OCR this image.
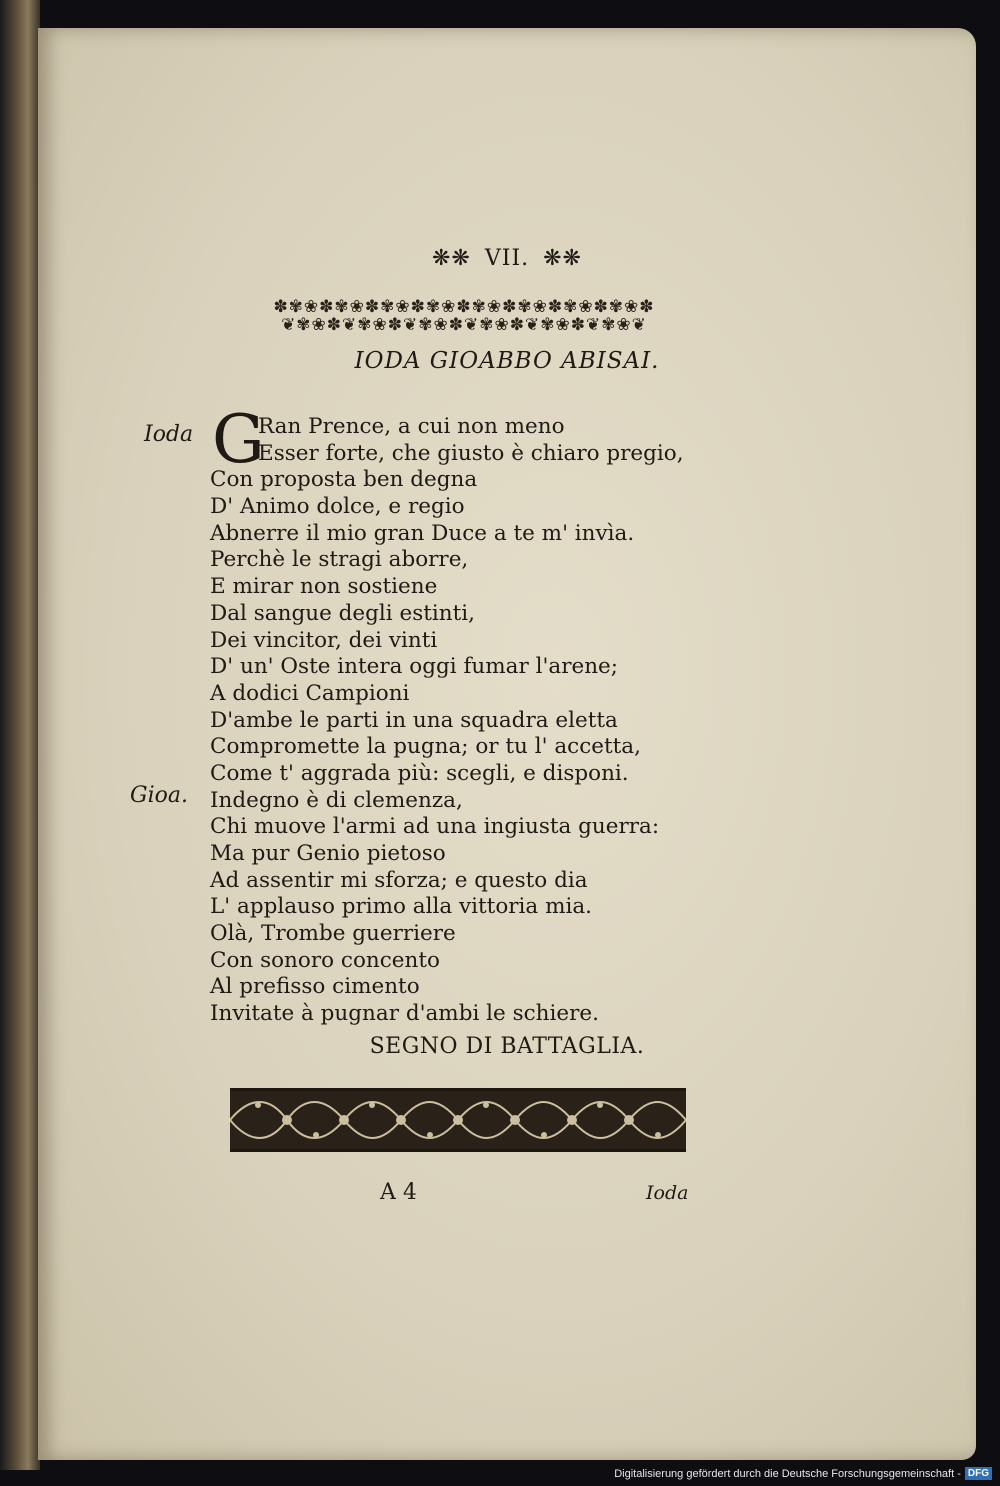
❋❋ VII. ❋❋
✽✾❀✽✾❀✽✾❀✽✾❀✽✾❀✽✾❀✽✾❀✽✾❀✽
❦✾❀✽❦✾❀✽❦✾❀✽❦✾❀✽❦✾❀✽❦✾❀❦
IODA GIOABBO ABISAI.
Ioda
Gioa.
G
Ran Prence, a cui non meno
Esser forte, che giusto è chiaro pregio,
Con proposta ben degna
D' Animo dolce, e regio
Abnerre il mio gran Duce a te m' invìa.
Perchè le stragi aborre,
E mirar non sostiene
Dal sangue degli estinti,
Dei vincitor, dei vinti
D' un' Oste intera oggi fumar l'arene;
A dodici Campioni
D'ambe le parti in una squadra eletta
Compromette la pugna; or tu l' accetta,
Come t' aggrada più: scegli, e disponi.
Indegno è di clemenza,
Chi muove l'armi ad una ingiusta guerra:
Ma pur Genio pietoso
Ad assentir mi sforza; e questo dia
L' applauso primo alla vittoria mia.
Olà, Trombe guerriere
Con sonoro concento
Al prefisso cimento
Invitate à pugnar d'ambi le schiere.
SEGNO DI BATTAGLIA.
A 4	Ioda
Digitalisierung gefördert durch die Deutsche Forschungsgemeinschaft - DFG
